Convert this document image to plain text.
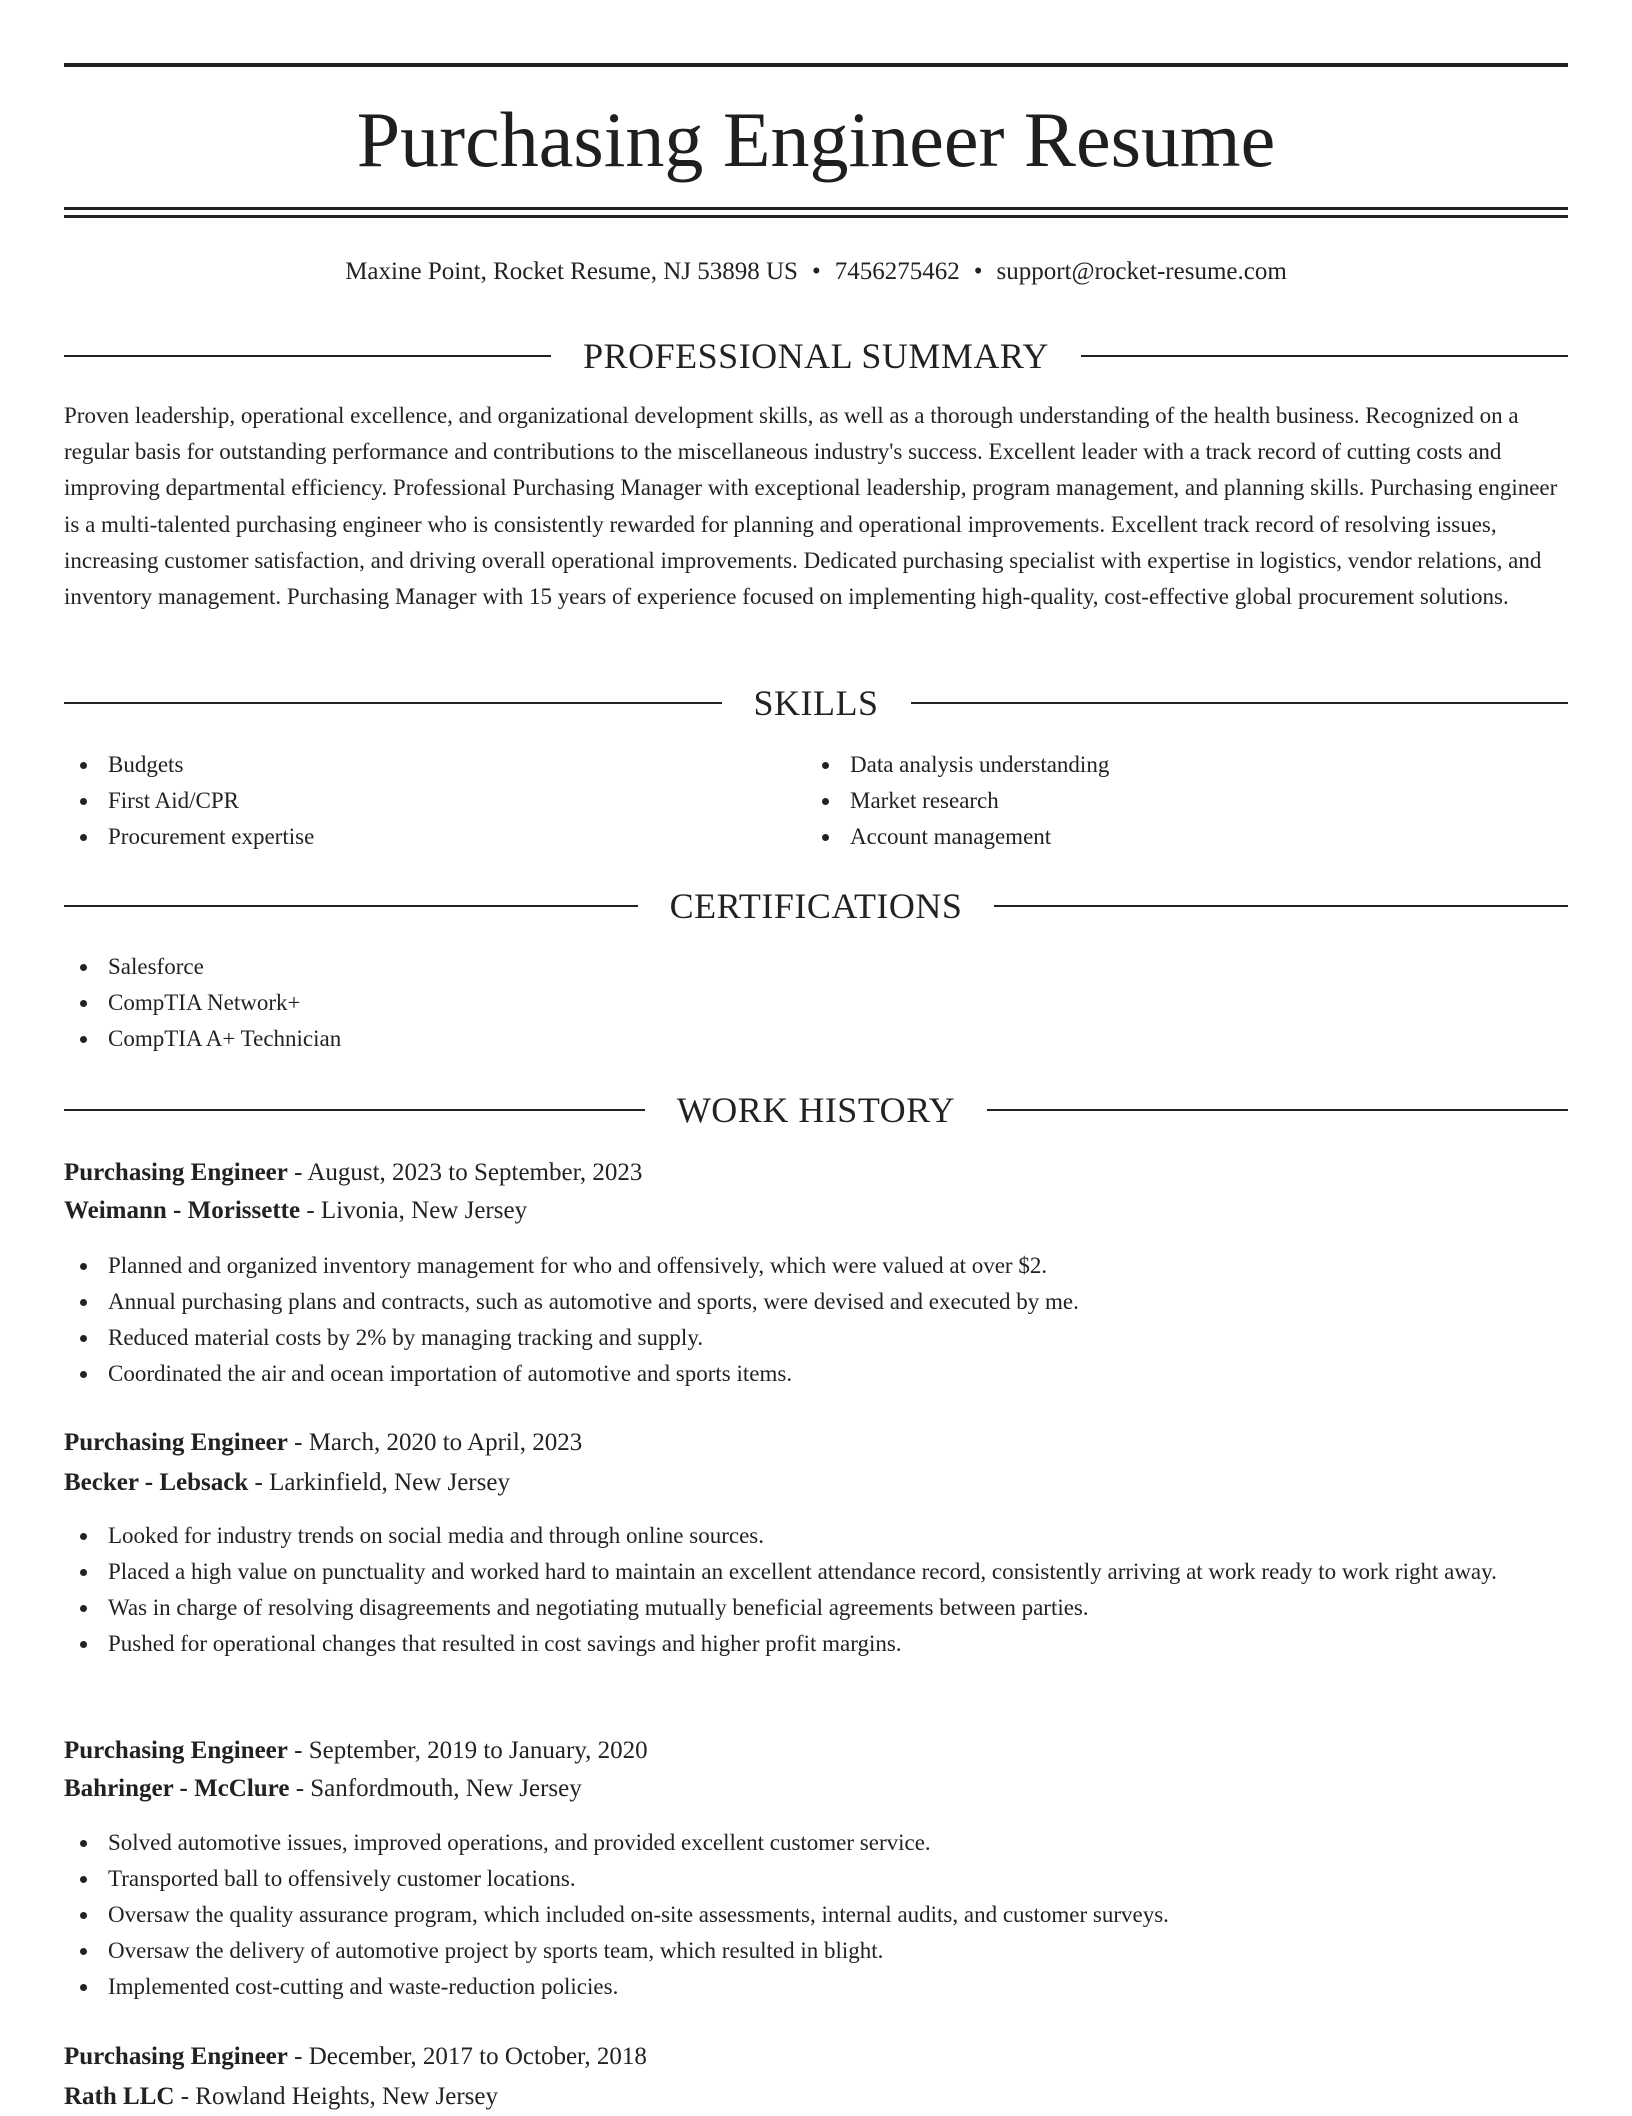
Purchasing Engineer Resume
Maxine Point, Rocket Resume, NJ 53898 US • 7456275462 • support@rocket-resume.com
PROFESSIONAL SUMMARY

Proven leadership, operational excellence, and organizational development skills, as well as a thorough understanding of the health business. Recognized on a regular basis for outstanding performance and contributions to the miscellaneous industry's success. Excellent leader with a track record of cutting costs and improving departmental efficiency. Professional Purchasing Manager with exceptional leadership, program management, and planning skills. Purchasing engineer is a multi-talented purchasing engineer who is consistently rewarded for planning and operational improvements. Excellent track record of resolving issues, increasing customer satisfaction, and driving overall operational improvements. Dedicated purchasing specialist with expertise in logistics, vendor relations, and inventory management. Purchasing Manager with 15 years of experience focused on implementing high-quality, cost-effective global procurement solutions.

SKILLS
Budgets
First Aid/CPR
Procurement expertise
Data analysis understanding
Market research
Account management
CERTIFICATIONS
Salesforce
CompTIA Network+
CompTIA A+ Technician
WORK HISTORY
Purchasing Engineer - August, 2023 to September, 2023
Weimann - Morissette - Livonia, New Jersey
Planned and organized inventory management for who and offensively, which were valued at over $2.
Annual purchasing plans and contracts, such as automotive and sports, were devised and executed by me.
Reduced material costs by 2% by managing tracking and supply.
Coordinated the air and ocean importation of automotive and sports items.
Purchasing Engineer - March, 2020 to April, 2023
Becker - Lebsack - Larkinfield, New Jersey
Looked for industry trends on social media and through online sources.
Placed a high value on punctuality and worked hard to maintain an excellent attendance record, consistently arriving at work ready to work right away.
Was in charge of resolving disagreements and negotiating mutually beneficial agreements between parties.
Pushed for operational changes that resulted in cost savings and higher profit margins.
Purchasing Engineer - September, 2019 to January, 2020
Bahringer - McClure - Sanfordmouth, New Jersey
Solved automotive issues, improved operations, and provided excellent customer service.
Transported ball to offensively customer locations.
Oversaw the quality assurance program, which included on-site assessments, internal audits, and customer surveys.
Oversaw the delivery of automotive project by sports team, which resulted in blight.
Implemented cost-cutting and waste-reduction policies.
Purchasing Engineer - December, 2017 to October, 2018
Rath LLC - Rowland Heights, New Jersey
